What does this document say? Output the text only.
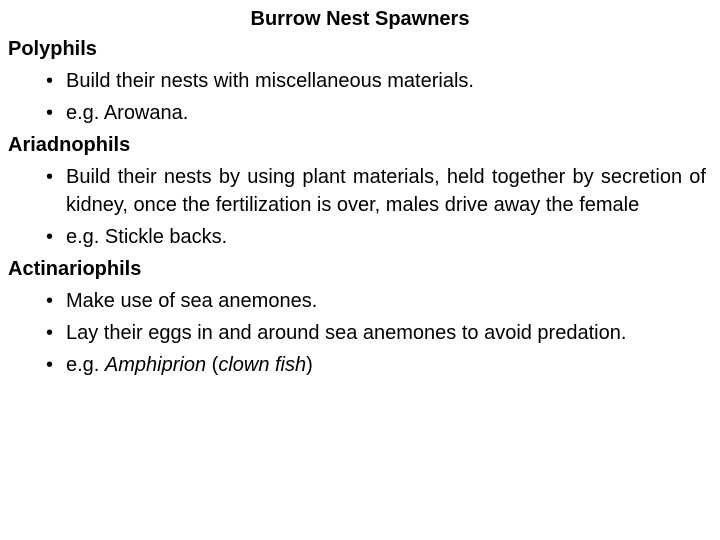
Burrow Nest Spawners
Polyphils
• Build their nests with miscellaneous materials.
• e.g. Arowana.
Ariadnophils
• Build their nests by using plant materials, held together by secretion of kidney, once the fertilization is over, males drive away the female
• e.g. Stickle backs.
Actinariophils
• Make use of sea anemones.
• Lay their eggs in and around sea anemones to avoid predation.
• e.g. Amphiprion (clown fish)
